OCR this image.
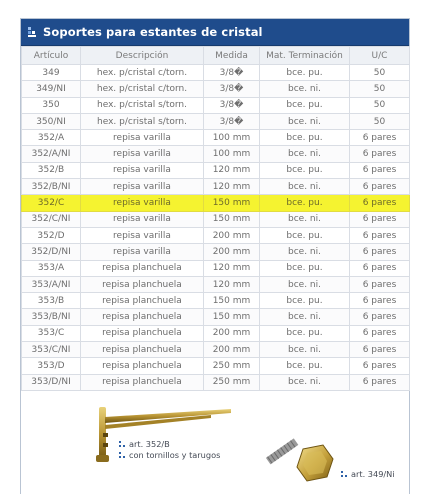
Soportes para estantes de cristal
Artículo	Descripción	Medida	Mat. Terminación	U/C
349	hex. p/cristal c/torn.	3/8�	bce. pu.	50
349/NI	hex. p/cristal c/torn.	3/8�	bce. ni.	50
350	hex. p/cristal s/torn.	3/8�	bce. pu.	50
350/NI	hex. p/cristal s/torn.	3/8�	bce. ni.	50
352/A	repisa varilla	100 mm	bce. pu.	6 pares
352/A/NI	repisa varilla	100 mm	bce. ni.	6 pares
352/B	repisa varilla	120 mm	bce. pu.	6 pares
352/B/NI	repisa varilla	120 mm	bce. ni.	6 pares
352/C	repisa varilla	150 mm	bce. pu.	6 pares
352/C/NI	repisa varilla	150 mm	bce. ni.	6 pares
352/D	repisa varilla	200 mm	bce. pu.	6 pares
352/D/NI	repisa varilla	200 mm	bce. ni.	6 pares
353/A	repisa planchuela	120 mm	bce. pu.	6 pares
353/A/NI	repisa planchuela	120 mm	bce. ni.	6 pares
353/B	repisa planchuela	150 mm	bce. pu.	6 pares
353/B/NI	repisa planchuela	150 mm	bce. ni.	6 pares
353/C	repisa planchuela	200 mm	bce. pu.	6 pares
353/C/NI	repisa planchuela	200 mm	bce. ni.	6 pares
353/D	repisa planchuela	250 mm	bce. pu.	6 pares
353/D/NI	repisa planchuela	250 mm	bce. ni.	6 pares
art. 352/B
con tornillos y tarugos
art. 349/Ni
